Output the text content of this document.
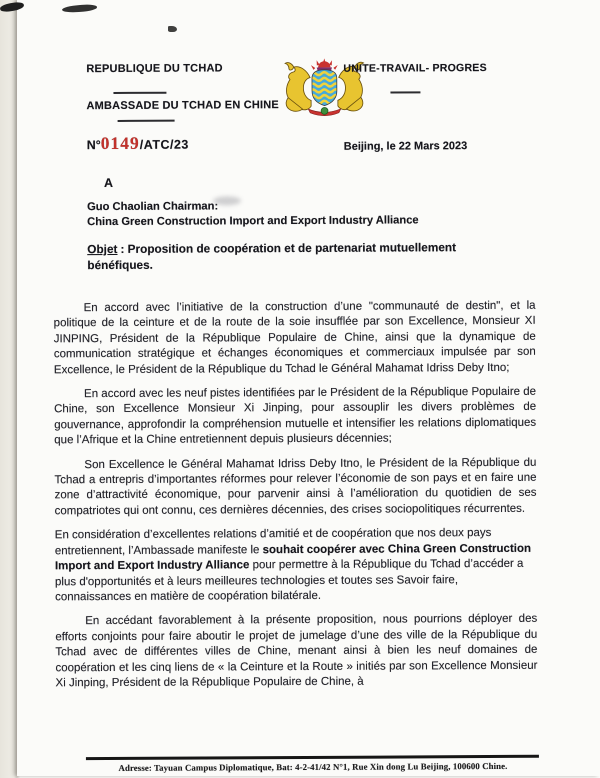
REPUBLIQUE DU TCHAD
AMBASSADE DU TCHAD EN CHINE
UNITE-TRAVAIL- PROGRES
N° 0149 /ATC/23	Beijing, le 22 Mars 2023
A
Guo Chaolian Chairman:
China Green Construction Import and Export Industry Alliance
Objet : Proposition de coopération et de partenariat mutuellement bénéfiques.

En accord avec l’initiative de la construction d’une "communauté de destin", et la politique de la ceinture et de la route de la soie insufflée par son Excellence, Monsieur XI JINPING, Président de la République Populaire de Chine, ainsi que la dynamique de communication stratégique et échanges économiques et commerciaux impulsée par son Excellence, le Président de la République du Tchad le Général Mahamat Idriss Deby Itno;

En accord avec les neuf pistes identifiées par le Président de la République Populaire de Chine, son Excellence Monsieur Xi Jinping, pour assouplir les divers problèmes de gouvernance, approfondir la compréhension mutuelle et intensifier les relations diplomatiques que l’Afrique et la Chine entretiennent depuis plusieurs décennies;

Son Excellence le Général Mahamat Idriss Deby Itno, le Président de la République du Tchad a entrepris d’importantes réformes pour relever l’économie de son pays et en faire une zone d’attractivité économique, pour parvenir ainsi à l’amélioration du quotidien de ses compatriotes qui ont connu, ces dernières décennies, des crises sociopolitiques récurrentes.

En considération d’excellentes relations d’amitié et de coopération que nos deux pays entretiennent, l’Ambassade manifeste le souhait coopérer avec China Green Construction Import and Export Industry Alliance pour permettre à la République du Tchad d’accéder a plus d'opportunités et à leurs meilleures technologies et toutes ses Savoir faire, connaissances en matière de coopération bilatérale.

En accédant favorablement à la présente proposition, nous pourrions déployer des efforts conjoints pour faire aboutir le projet de jumelage d’une des ville de la République du Tchad avec de différentes villes de Chine, menant ainsi à bien les neuf domaines de coopération et les cinq liens de « la Ceinture et la Route » initiés par son Excellence Monsieur Xi Jinping, Président de la République Populaire de Chine, à

Adresse: Tayuan Campus Diplomatique, Bat: 4-2-41/42 N°1, Rue Xin dong Lu Beijing, 100600 Chine.
